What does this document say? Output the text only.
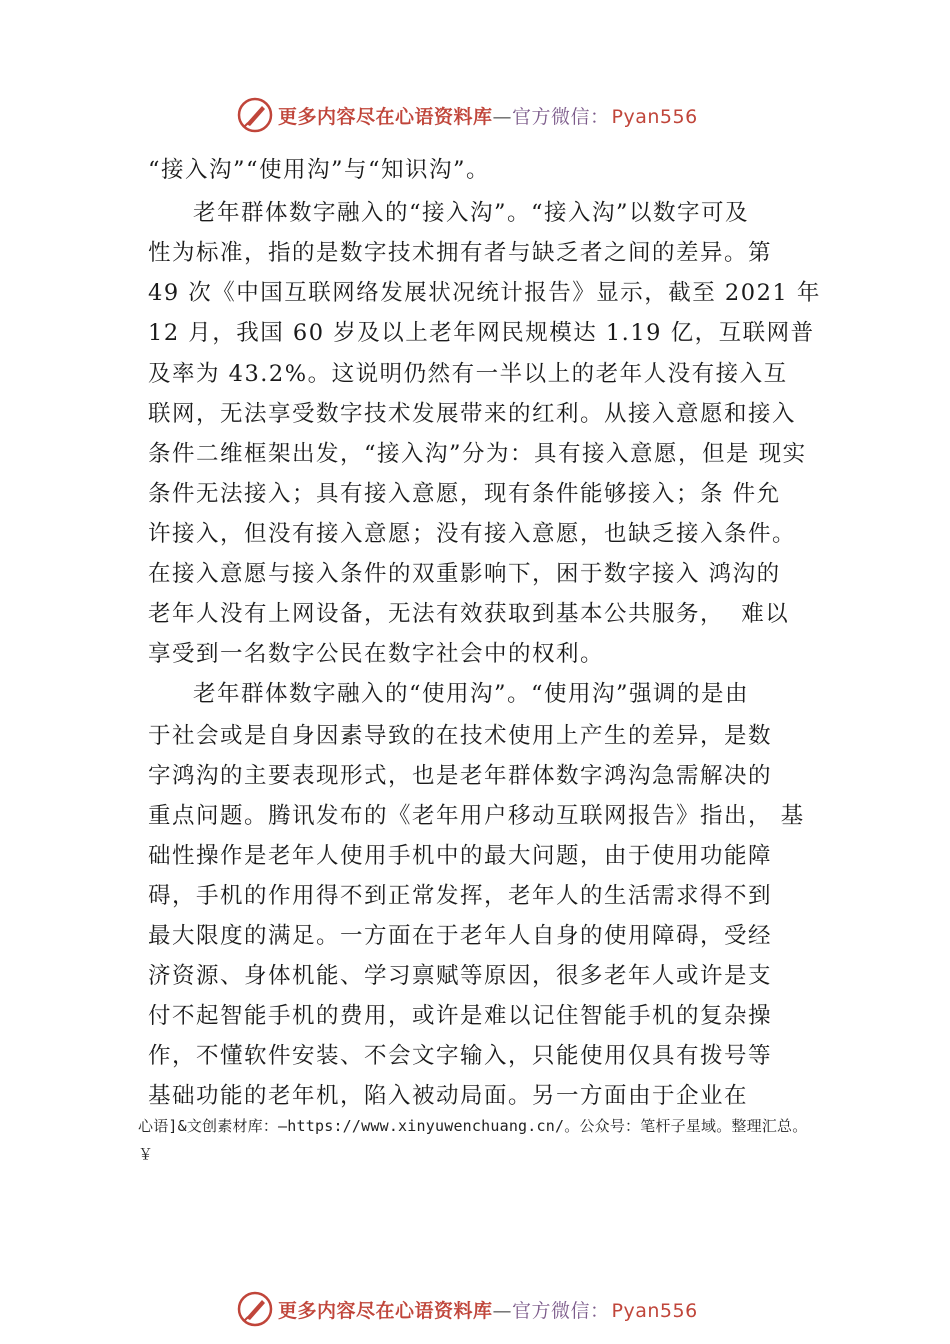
更多内容尽在心语资料库—官方微信： Pyan556
“接入沟”“使用沟”与“知识沟”。
老年群体数字融入的“接入沟”。“接入沟”以数字可及
性为标准，指的是数字技术拥有者与缺乏者之间的差异。第
49 次《中国互联网络发展状况统计报告》显示，截至 2021 年
12 月，我国 60 岁及以上老年网民规模达 1.19 亿，互联网普
及率为 43.2%。这说明仍然有一半以上的老年人没有接入互
联网，无法享受数字技术发展带来的红利。从接入意愿和接入
条件二维框架出发，“接入沟”分为：具有接入意愿，但是 现实
条件无法接入；具有接入意愿，现有条件能够接入；条 件允
许接入，但没有接入意愿；没有接入意愿，也缺乏接入条件。
在接入意愿与接入条件的双重影响下，困于数字接入 鸿沟的
老年人没有上网设备，无法有效获取到基本公共服务，  难以
享受到一名数字公民在数字社会中的权利。
老年群体数字融入的“使用沟”。“使用沟”强调的是由
于社会或是自身因素导致的在技术使用上产生的差异，是数
字鸿沟的主要表现形式，也是老年群体数字鸿沟急需解决的
重点问题。腾讯发布的《老年用户移动互联网报告》指出， 基
础性操作是老年人使用手机中的最大问题，由于使用功能障
碍，手机的作用得不到正常发挥，老年人的生活需求得不到
最大限度的满足。一方面在于老年人自身的使用障碍，受经
济资源、身体机能、学习禀赋等原因，很多老年人或许是支
付不起智能手机的费用，或许是难以记住智能手机的复杂操
作，不懂软件安装、不会文字输入，只能使用仅具有拨号等
基础功能的老年机，陷入被动局面。另一方面由于企业在
心语]&文创素材库：—https://www.xinyuwenchuang.cn/。公众号：笔杆子星域。整理汇总。
￥
更多内容尽在心语资料库—官方微信： Pyan556
